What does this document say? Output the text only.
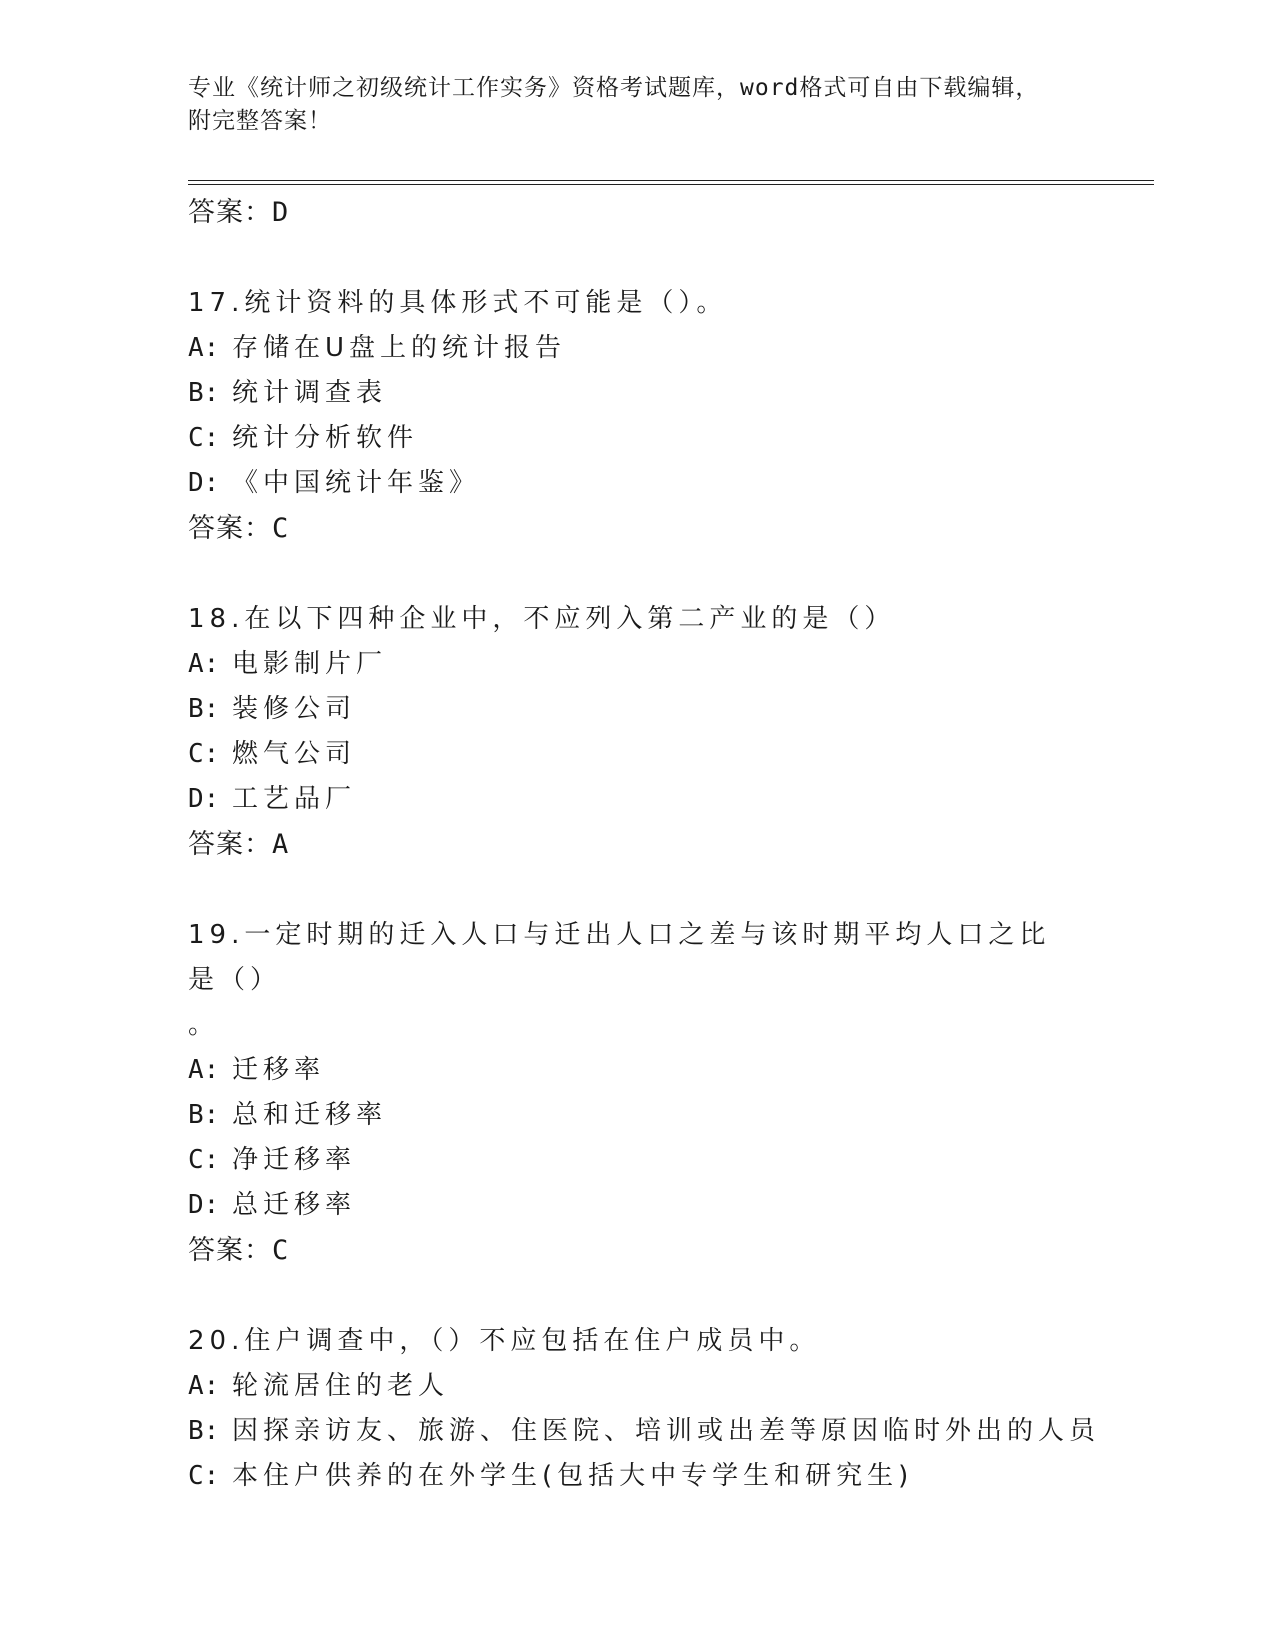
专业《统计师之初级统计工作实务》资格考试题库，word格式可自由下载编辑，
附完整答案！
答案：D
17.统计资料的具体形式不可能是（）。
A: 存储在U盘上的统计报告
B: 统计调查表
C: 统计分析软件
D: 《中国统计年鉴》
答案：C
18.在以下四种企业中，不应列入第二产业的是（）
A: 电影制片厂
B: 装修公司
C: 燃气公司
D: 工艺品厂
答案：A
19.一定时期的迁入人口与迁出人口之差与该时期平均人口之比是（）
。
A: 迁移率
B: 总和迁移率
C: 净迁移率
D: 总迁移率
答案：C
20.住户调查中，（）不应包括在住户成员中。
A: 轮流居住的老人
B: 因探亲访友、旅游、住医院、培训或出差等原因临时外出的人员
C: 本住户供养的在外学生(包括大中专学生和研究生)
